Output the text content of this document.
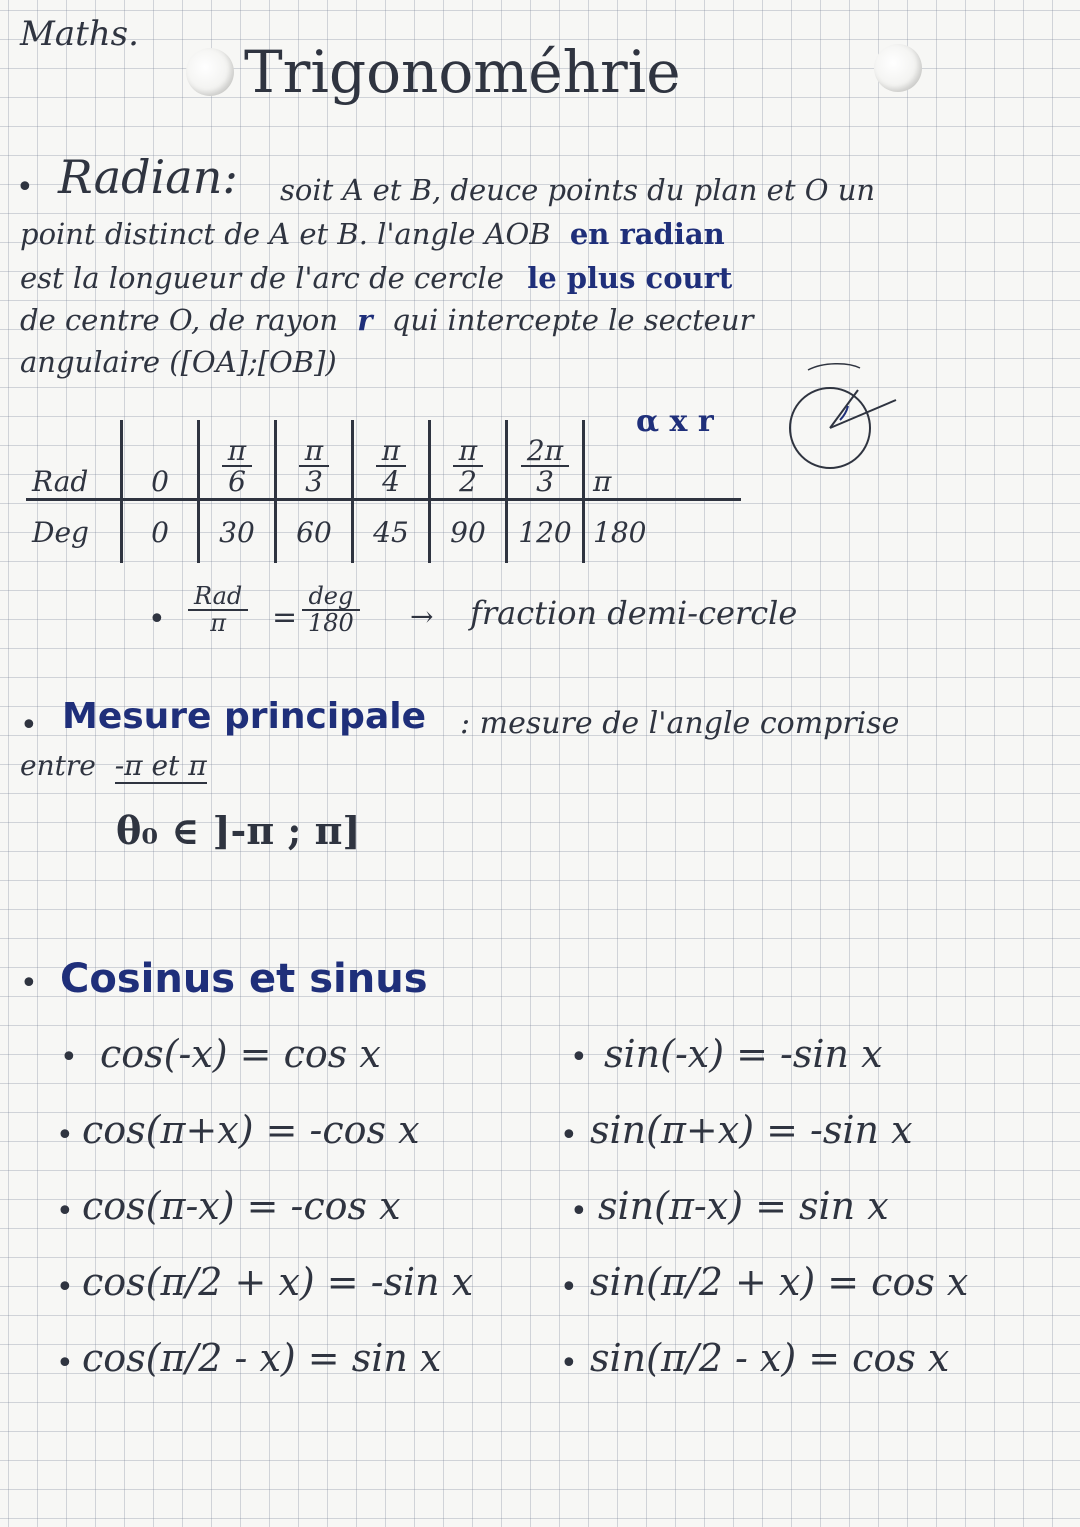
Maths.
Trigonoméhrie
• Radian: soit A et B, deuce points du plan et O un
point distinct de A et B. l'angle AOB en radian
est la longueur de l'arc de cercle le plus court
de centre O, de rayon r qui intercepte le secteur
angulaire ([OA];[OB])
α x r
Rad	0	$\frac{\pi}{6}$	$\frac{\pi}{3}$	$\frac{\pi}{4}$	$\frac{\pi}{2}$	$\frac{2\pi}{3}$	π
Deg	0	30	60	45	90	120	180
• $\frac{\text{Rad}}{\pi} = \frac{\text{deg}}{180}$ → fraction demi-cercle
• Mesure principale : mesure de l'angle comprise
entre -π et π
θ₀ ∈ ]-π ; π]
• Cosinus et sinus
• cos(-x) = cos x	• sin(-x) = -sin x
• cos(π+x) = -cos x	• sin(π+x) = -sin x
• cos(π-x) = -cos x	• sin(π-x) = sin x
• cos(π/2 + x) = -sin x	• sin(π/2 + x) = cos x
• cos(π/2 - x) = sin x	• sin(π/2 - x) = cos x
